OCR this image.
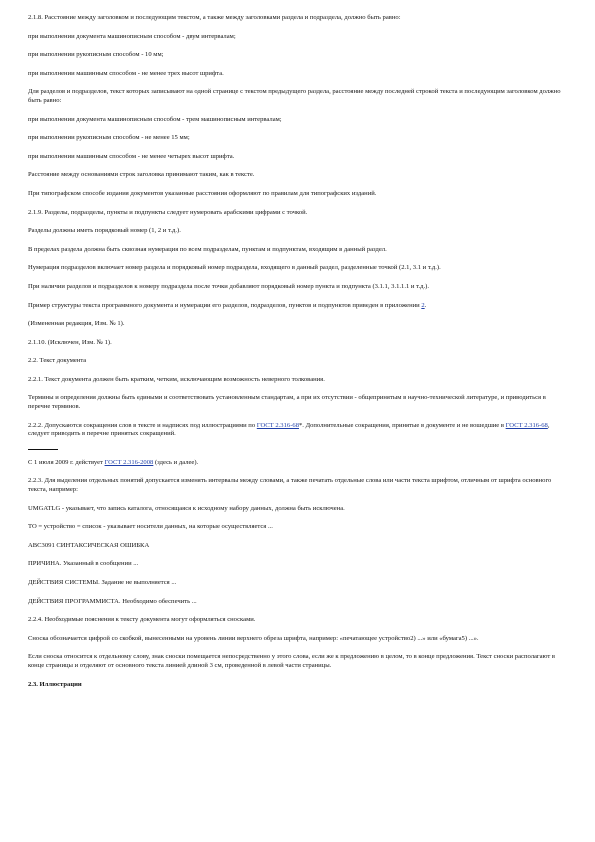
2.1.8. Расстояние между заголовком и последующим текстом, а также между заголовками раздела и подраздела, должно быть равно:

при выполнении документа машинописным способом - двум интервалам;

при выполнении рукописным способом - 10 мм;

при выполнении машинным способом - не менее трех высот шрифта.

Для разделов и подразделов, текст которых записывают на одной странице с текстом предыдущего раздела, расстояние между последней строкой текста и последующим заголовком должно быть равно:

при выполнении документа машинописным способом - трем машинописным интервалам;

при выполнении рукописным способом - не менее 15 мм;

при выполнении машинным способом - не менее четырех высот шрифта.

Расстояние между основаниями строк заголовка принимают таким, как в тексте.

При типографском способе издания документов указанные расстояния оформляют по правилам для типографских изданий.

2.1.9. Разделы, подразделы, пункты и подпункты следует нумеровать арабскими цифрами с точкой.

Разделы должны иметь порядковый номер (1, 2 и т.д.).

В пределах раздела должна быть сквозная нумерация по всем подразделам, пунктам и подпунктам, входящим в данный раздел.

Нумерация подразделов включает номер раздела и порядковый номер подраздела, входящего в данный раздел, разделенные точкой (2.1, 3.1 и т.д.).

При наличии разделов и подразделов к номеру подраздела после точки добавляют порядковый номер пункта и подпункта (3.1.1, 3.1.1.1 и т.д.).

Пример структуры текста программного документа и нумерации его разделов, подразделов, пунктов и подпунктов приведен в приложении 2.

(Измененная редакция, Изм. № 1).

2.1.10. (Исключен, Изм. № 1).

2.2. Текст документа

2.2.1. Текст документа должен быть кратким, четким, исключающим возможность неверного толкования.

Термины и определения должны быть едиными и соответствовать установленным стандартам, а при их отсутствии - общепринятым в научно-технической литературе, и приводиться в перечне терминов.

2.2.2. Допускаются сокращения слов в тексте и надписях под иллюстрациями по ГОСТ 2.316-68*. Дополнительные сокращения, принятые в документе и не вошедшие в ГОСТ 2.316-68, следует приводить в перечне принятых сокращений.

С 1 июля 2009 г. действует ГОСТ 2.316-2008 (здесь и далее).

2.2.3. Для выделения отдельных понятий допускается изменять интервалы между словами, а также печатать отдельные слова или части текста шрифтом, отличным от шрифта основного текста, например:

UMGATLG - указывает, что запись каталога, относящаяся к исходному набору данных, должна быть исключена.

ТО = устройство = список - указывает носители данных, на которые осуществляется ...

АВС3091 СИНТАКСИЧЕСКАЯ ОШИБКА

ПРИЧИНА. Указанный в сообщении ...

ДЕЙСТВИЯ СИСТЕМЫ. Задание не выполняется ...

ДЕЙСТВИЯ ПРОГРАММИСТА. Необходимо обеспечить ...

2.2.4. Необходимые пояснения к тексту документа могут оформляться сносками.

Сноска обозначается цифрой со скобкой, вынесенными на уровень линии верхнего обреза шрифта, например: «печатающее устройство2) ...» или «бумага5) ...».

Если сноска относится к отдельному слову, знак сноски помещается непосредственно у этого слова, если же к предложению в целом, то в конце предложения. Текст сноски располагают в конце страницы и отделяют от основного текста линией длиной 3 см, проведенной в левой части страницы.

2.3. Иллюстрации
